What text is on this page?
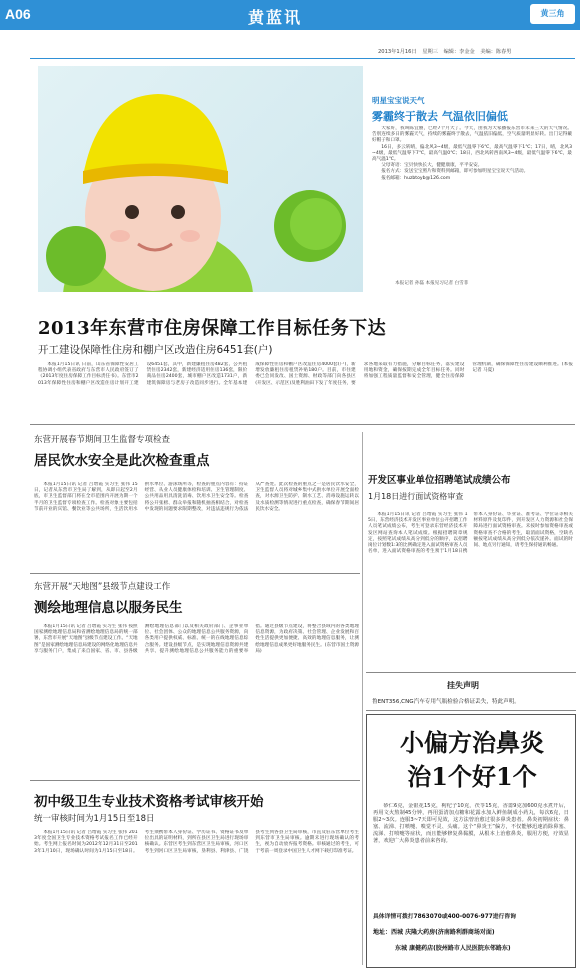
A06	黄蓝讯	黄三角
2013年1月16日 星期三 编辑：李金金 美编：陈春男
明星宝宝说天气
雾霾终于散去 气温依旧偏低

大家好，我叫陈宜丽，已经7个月大了。今天，由我为大家播报东营市未来三天的天气情况。告别连续多日的雾霾天气，持续的雾霾终于散去，气温依旧偏低，空气质量明显好转。出门记得戴好帽子和口罩。

16日，多云转晴，偏北风3~4级，最低气温零下6℃，最高气温零下1℃；17日，晴，北风3~4级，最低气温零下7℃，最高气温0℃；18日，西北风转西南风3~4级，最低气温零下6℃，最高气温1℃。

父母寄语：宝贝快快长大，健健康康，平平安安。

报名方式：发送宝宝照片和资料到邮箱，即可参加明星宝宝说天气活动。

报名邮箱：huzbtoyb@126.com

本报记者 孙磊 本报见习记者 白雪菲
2013年东营市住房保障工作目标任务下达
开工建设保障性住房和棚户区改造住房6451套(户)

本报1月15日讯 日前，山东省保障性安居工程协调小组代表省政府与东营市人民政府签订了《2013年度住房保障工作目标责任书》。东营市2013年保障性住房和棚户区改造住房计划开工建设6451套，其中，新建廉租住房482套，公共租赁住房2342套，新建经济适用住房136套，限价商品住房2400套，城市棚户区改造1731户，新建筑保障房与老房子改造同步进行。全年基本建成保障性住房和棚户区改造住房4000套(户)，新增发放廉租住房租赁补贴180户。目前，市住建委已会同发改、国土资源、财政等部门向各县区(开发区、示范区)及胜利油田下发了年度任务，要求各地采取有力措施，分解目标任务，落实建设用地和资金，确保按期完成全年目标任务。同时将加强工程质量监督和安全管理，健全住房保障管理机制，确保保障性住房建设顺利推进。(本报记者 马夏)

东营开展春节期间卫生监督专项检查
居民饮水安全是此次检查重点

本报1月15日讯 记者 吕增霞 实习生 张伟 15日，记者从东营市卫生局了解到，从即日起至2月底，市卫生监督部门将在全市范围内开展为期一个半月的卫生监督专项检查工作。检查对象主要包括节前开业的宾馆、餐饮业等公共场所，生活饮用水供水单位、游泳场所等，检查的重点内容有：持证经营、从业人员健康体检和培训、卫生管理制度、公共用品用具清洗消毒、饮用水卫生安全等。检查将公开张榜、群众举报和随机抽查相结合，对检查中发现的问题要求限期整改，对违法违规行为依法从严查处。此次检查的重点之一是居民饮水安全，卫生监督人员将对城乡集中式供水单位开展全面检查，对水源卫生防护、制水工艺、消毒设施运转以及水质检测等情况进行重点检查，确保春节期间居民饮水安全。

东营开展“天地图”县级节点建设工作
测绘地理信息以服务民生

本报1月15日讯 记者 吕增霞 实习生 张伟 按照国家测绘地理信息局和省测绘地理信息局的统一部署，东营市开展“天地图”县级节点建设工作。“天地图”是国家测绘地理信息局建设的网络化地理信息共享与服务门户，集成了来自国家、省、市、县各级测绘地理信息部门以及相关政府部门、企事业单位、社会团体、公众的地理信息公共服务资源，向各类用户提供权威、标准、统一的在线地理信息综合服务。建设县级节点，是实现地理信息资源共建共享、提升测绘地理信息公共服务能力的重要举措。通过县级节点建设，将整合县域内的各类地理信息资源，为政府决策、社会管理、企业发展和百姓生活提供更加便捷、高效的地理信息服务，让测绘地理信息成果更好地服务民生。(东营市国土资源局)

初中级卫生专业技术资格考试审核开始
统一审核时间为1月15日至18日

本报1月15日讯 记者 吕增霞 实习生 张伟 2013年度全国卫生专业技术资格考试报名工作已经开始。考生网上报名时间为2012年12月31日至2013年1月10日，现场确认时间为1月15日至18日。考生须携带本人身份证、学历证书、资格证书及单位出具的证明材料，到所在县区卫生局进行现场审核确认。东营区考生到东营区卫生局审核，河口区考生到河口区卫生局审核，垦利县、利津县、广饶县考生到各县卫生局审核，市直及驻东营单位考生到东营市卫生局审核。逾期未进行现场确认的考生，视为自动放弃报考资格。审核通过的考生，可于考前一周登录中国卫生人才网下载打印准考证。

开发区事业单位招聘笔试成绩公布
1月18日进行面试资格审查

本报1月15日讯 记者 吕增霞 实习生 张伟 15日，东营经济技术开发区事业单位公开招聘工作人员笔试成绩公布，考生可登录东营经济技术开发区网站查询本人笔试成绩。根据招聘简章规定，按照笔试成绩从高分到低分的顺序，以招聘岗位计划数1:3的比例确定进入面试资格审查人员名单，进入面试资格审查的考生须于1月18日携带本人身份证、毕业证、准考证、学位证等相关材料原件及复印件，到开发区人力资源和社会保障局进行面试资格审查。未按时参加资格审查或资格审查不合格的考生，取消面试资格，空缺名额按笔试成绩从高分到低分依次递补。面试的时间、地点另行通知，请考生保持通讯畅通。

挂失声明
鲁ENT356,CNG汽车专用气瓶检验合格证丢失，特此声明。
小偏方治鼻炎
治1个好1个
砂仁6克，金银花15克，枸杞子10克，茯苓15克，香薷9克加600克水煮开后，再用文火熬制45分钟，再用蛋清加点糖和花露水加入鲜鱼制成小药丸，每次6克，日服2~3次。连服3~7天即可见效，这方法曾治愈过很多鼻炎患者。鼻炎初期症状：鼻塞、流涕、打喷嚏、嗅觉不灵、头痛。这个“鼻炎王”偏方，不仅能够迅速消除鼻塞、流涕、打喷嚏等症状，而且能够修复鼻黏膜，从根本上治愈鼻炎，服用方便，疗效显著，欢迎广大鼻炎患者前来咨询。
具体详情可拨打7863070或400-0076-977进行咨询
地址：西城 庆隆大药房(济南路利群商场对面)
东城 康健药店(胶州路市人民医院东邻路东)
